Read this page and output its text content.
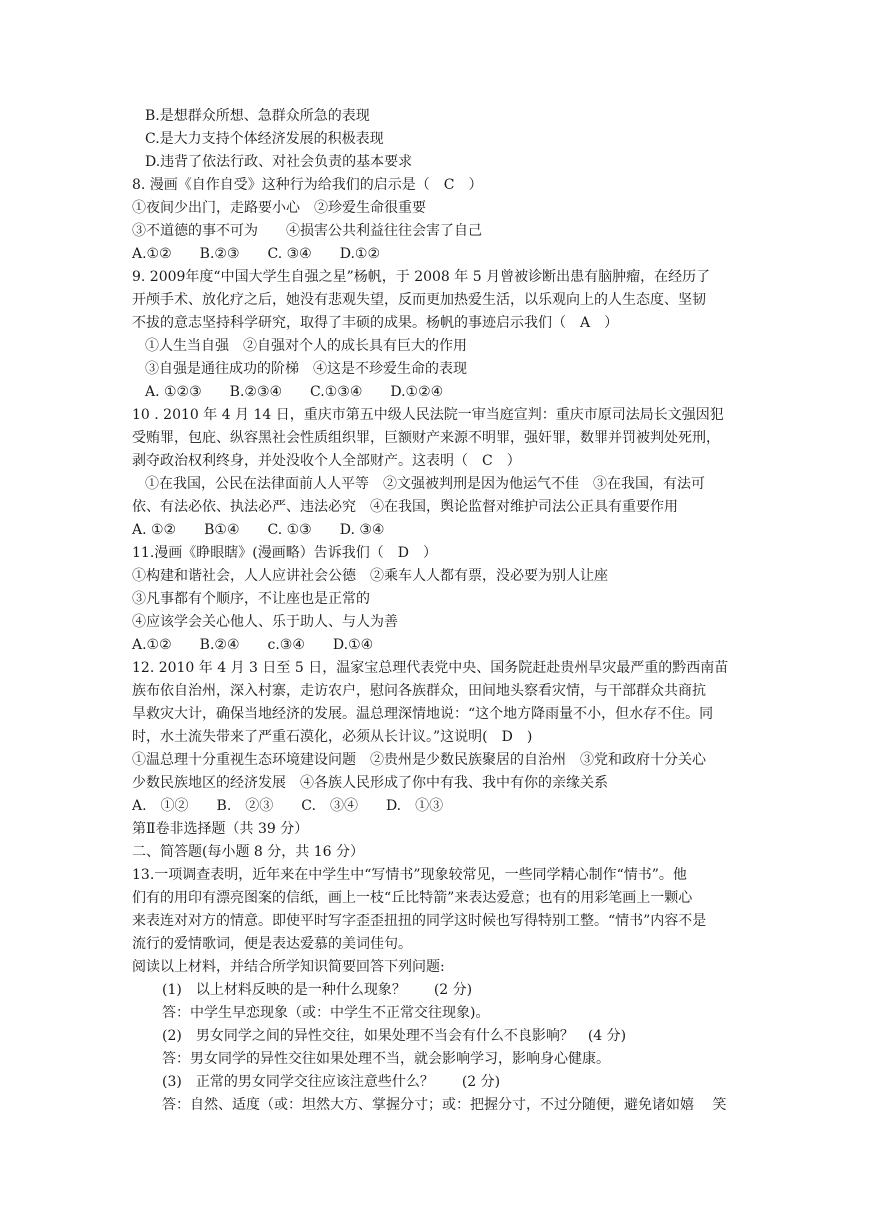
B.是想群众所想、急群众所急的表现
C.是大力支持个体经济发展的积极表现
D.违背了依法行政、对社会负责的基本要求
8. 漫画《自作自受》这种行为给我们的启示是（　C　）
①夜间少出门，走路要小心　②珍爱生命很重要
③不道德的事不可为　　④损害公共利益往往会害了自己
A.①②　　B.②③　　C. ③④　　D.①②
9. 2009年度“中国大学生自强之星”杨帆，于 2008 年 5 月曾被诊断出患有脑肿瘤，在经历了
开颅手术、放化疗之后，她没有悲观失望，反而更加热爱生活，以乐观向上的人生态度、坚韧
不拔的意志坚持科学研究，取得了丰硕的成果。杨帆的事迹启示我们（　A　）
①人生当自强　②自强对个人的成长具有巨大的作用
③自强是通往成功的阶梯　④这是不珍爱生命的表现
A. ①②③　　B.②③④　　C.①③④　　D.①②④
10 . 2010 年 4 月 14 日，重庆市第五中级人民法院一审当庭宣判：重庆市原司法局长文强因犯
受贿罪，包庇、纵容黑社会性质组织罪，巨额财产来源不明罪，强奸罪，数罪并罚被判处死刑，
剥夺政治权利终身，并处没收个人全部财产。这表明（　C　）
①在我国，公民在法律面前人人平等　②文强被判刑是因为他运气不佳　③在我国，有法可
依、有法必依、执法必严、违法必究　④在我国，舆论监督对维护司法公正具有重要作用
A. ①②　　B①④　　C. ①③　　D. ③④
11.漫画《睁眼瞎》(漫画略）告诉我们（　D　）
①构建和谐社会，人人应讲社会公德　②乘车人人都有票，没必要为别人让座
③凡事都有个顺序，不让座也是正常的
④应该学会关心他人、乐于助人、与人为善
A.①②　　B.②④　　c.③④　　D.①④
12. 2010 年 4 月 3 日至 5 日，温家宝总理代表党中央、国务院赶赴贵州旱灾最严重的黔西南苗
族布依自治州，深入村寨，走访农户，慰问各族群众，田间地头察看灾情，与干部群众共商抗
旱救灾大计，确保当地经济的发展。温总理深情地说：“这个地方降雨量不小，但水存不住。同
时，水土流失带来了严重石漠化，必须从长计议。”这说明(　D　)
①温总理十分重视生态环境建设问题　②贵州是少数民族聚居的自治州　③党和政府十分关心
少数民族地区的经济发展　④各族人民形成了你中有我、我中有你的亲缘关系
A.　①②　　B.　②③　　C.　③④　　D.　①③
第Ⅱ卷非选择题（共 39 分）
二、简答题(每小题 8 分，共 16 分）
13.一项调查表明，近年来在中学生中“写情书”现象较常见，一些同学精心制作“情书”。他
们有的用印有漂亮图案的信纸，画上一枝“丘比特箭”来表达爱意；也有的用彩笔画上一颗心
来表连对对方的情意。即使平时写字歪歪扭扭的同学这时候也写得特别工整。“情书”内容不是
流行的爱情歌词，便是表达爱慕的美词佳句。
阅读以上材料，并结合所学知识简要回答下列问题:
(1)　以上材料反映的是一种什么现象？　　(2 分)
答：中学生早恋现象（或：中学生不正常交往现象)。
(2)　男女同学之间的异性交往，如果处理不当会有什么不良影响？　(4 分)
答：男女同学的异性交往如果处理不当，就会影响学习，影响身心健康。
(3)　正常的男女同学交往应该注意些什么？　　(2 分)
答：自然、适度（或：坦然大方、掌握分寸；或：把握分寸，不过分随便，避免诸如嬉　 笑
